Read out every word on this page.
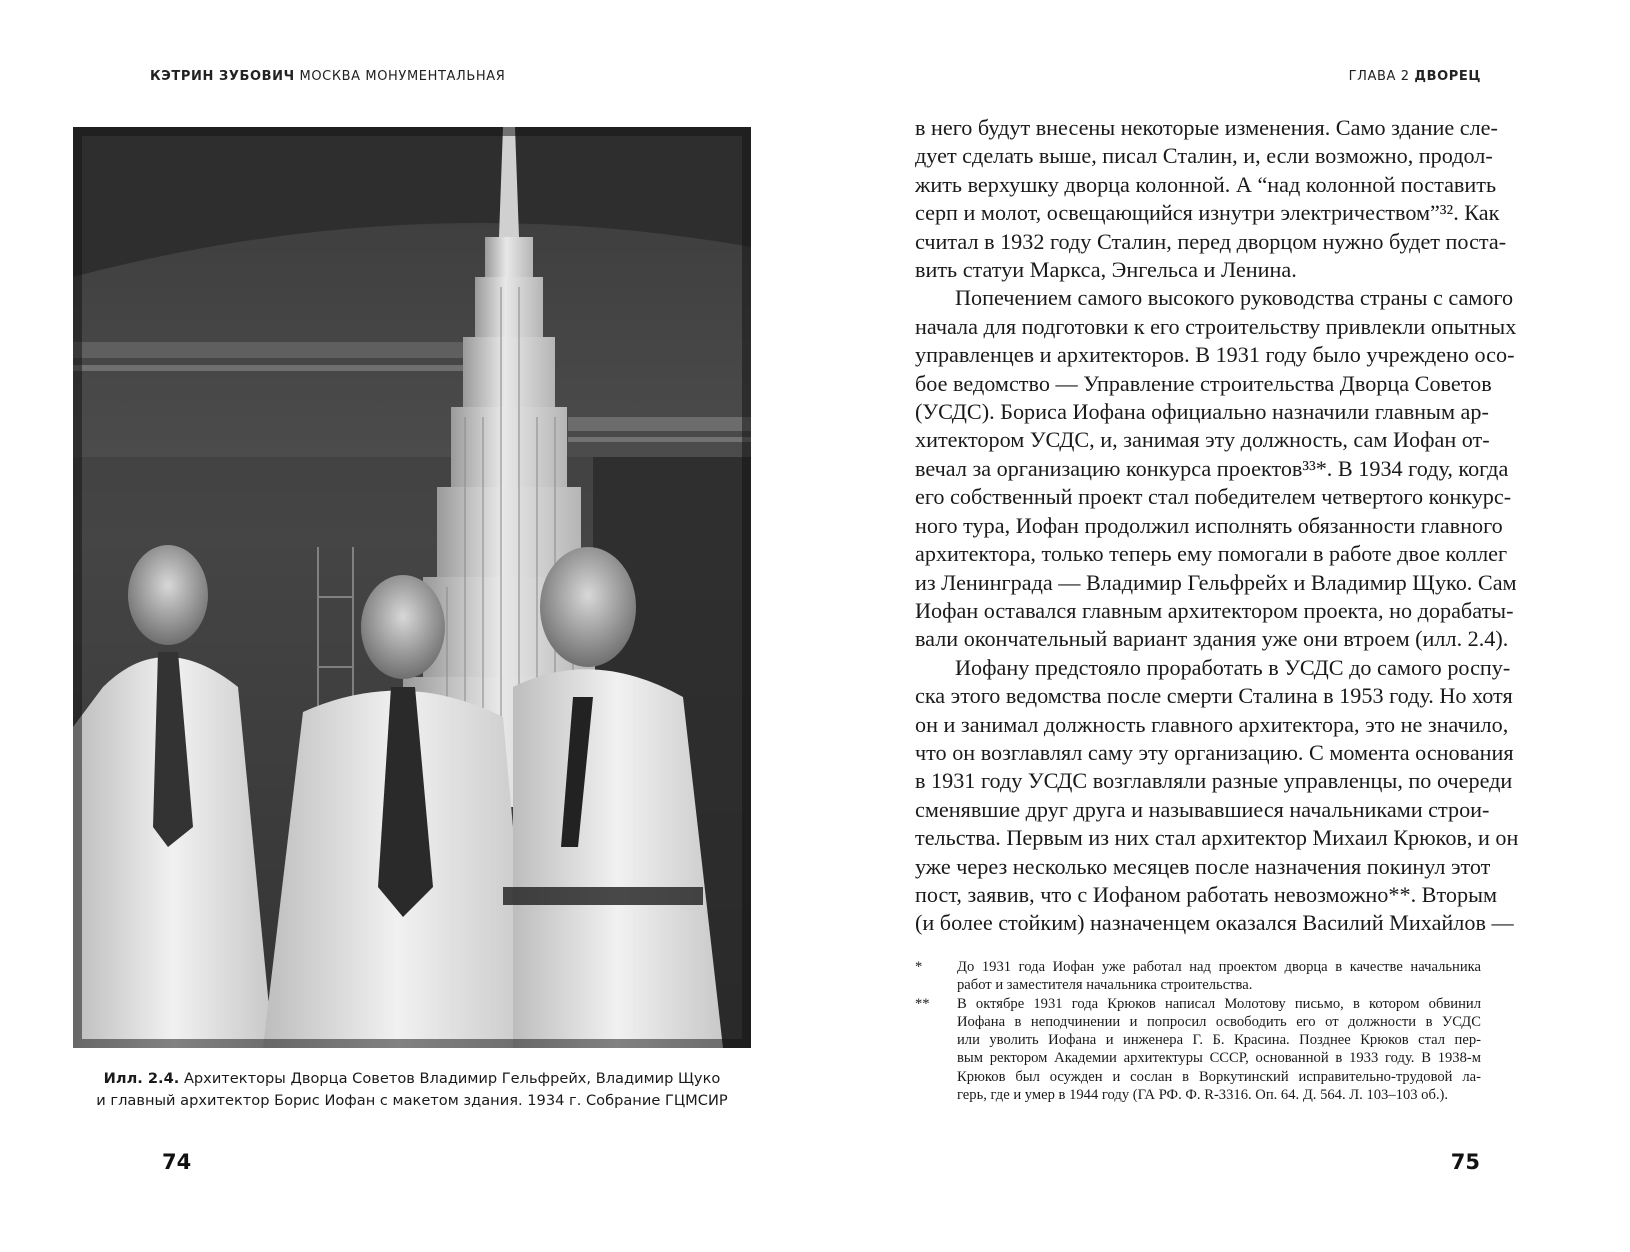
КЭТРИН ЗУБОВИЧ МОСКВА МОНУМЕНТАЛЬНАЯ
Илл. 2.4. Архитекторы Дворца Советов Владимир Гельфрейх, Владимир Щуко
и главный архитектор Борис Иофан с макетом здания. 1934 г. Собрание ГЦМСИР
74
ГЛАВА 2 ДВОРЕЦ
в него будут внесены некоторые изменения. Само здание сле-
дует сделать выше, писал Сталин, и, если возможно, продол-
жить верхушку дворца колонной. А “над колонной поставить
серп и молот, освещающийся изнутри электричеством”³². Как
считал в 1932 году Сталин, перед дворцом нужно будет поста-
вить статуи Маркса, Энгельса и Ленина.
Попечением самого высокого руководства страны с самого
начала для подготовки к его строительству привлекли опытных
управленцев и архитекторов. В 1931 году было учреждено осо-
бое ведомство — Управление строительства Дворца Советов
(УСДС). Бориса Иофана официально назначили главным ар-
хитектором УСДС, и, занимая эту должность, сам Иофан от-
вечал за организацию конкурса проектов³³*. В 1934 году, когда
его собственный проект стал победителем четвертого конкурс-
ного тура, Иофан продолжил исполнять обязанности главного
архитектора, только теперь ему помогали в работе двое коллег
из Ленинграда — Владимир Гельфрейх и Владимир Щуко. Сам
Иофан оставался главным архитектором проекта, но дорабаты-
вали окончательный вариант здания уже они втроем (илл. 2.4).
Иофану предстояло проработать в УСДС до самого роспу-
ска этого ведомства после смерти Сталина в 1953 году. Но хотя
он и занимал должность главного архитектора, это не значило,
что он возглавлял саму эту организацию. С момента основания
в 1931 году УСДС возглавляли разные управленцы, по очереди
сменявшие друг друга и называвшиеся начальниками строи-
тельства. Первым из них стал архитектор Михаил Крюков, и он
уже через несколько месяцев после назначения покинул этот
пост, заявив, что с Иофаном работать невозможно**. Вторым
(и более стойким) назначенцем оказался Василий Михайлов —
*	До 1931 года Иофан уже работал над проектом дворца в качестве начальника
работ и заместителя начальника строительства.
**	В октябре 1931 года Крюков написал Молотову письмо, в котором обвинил
Иофана в неподчинении и попросил освободить его от должности в УСДС
или уволить Иофана и инженера Г. Б. Красина. Позднее Крюков стал пер-
вым ректором Академии архитектуры СССР, основанной в 1933 году. В 1938-м
Крюков был осужден и сослан в Воркутинский исправительно-трудовой ла-
герь, где и умер в 1944 году (ГА РФ. Ф. R-3316. Оп. 64. Д. 564. Л. 103–103 об.).
75
